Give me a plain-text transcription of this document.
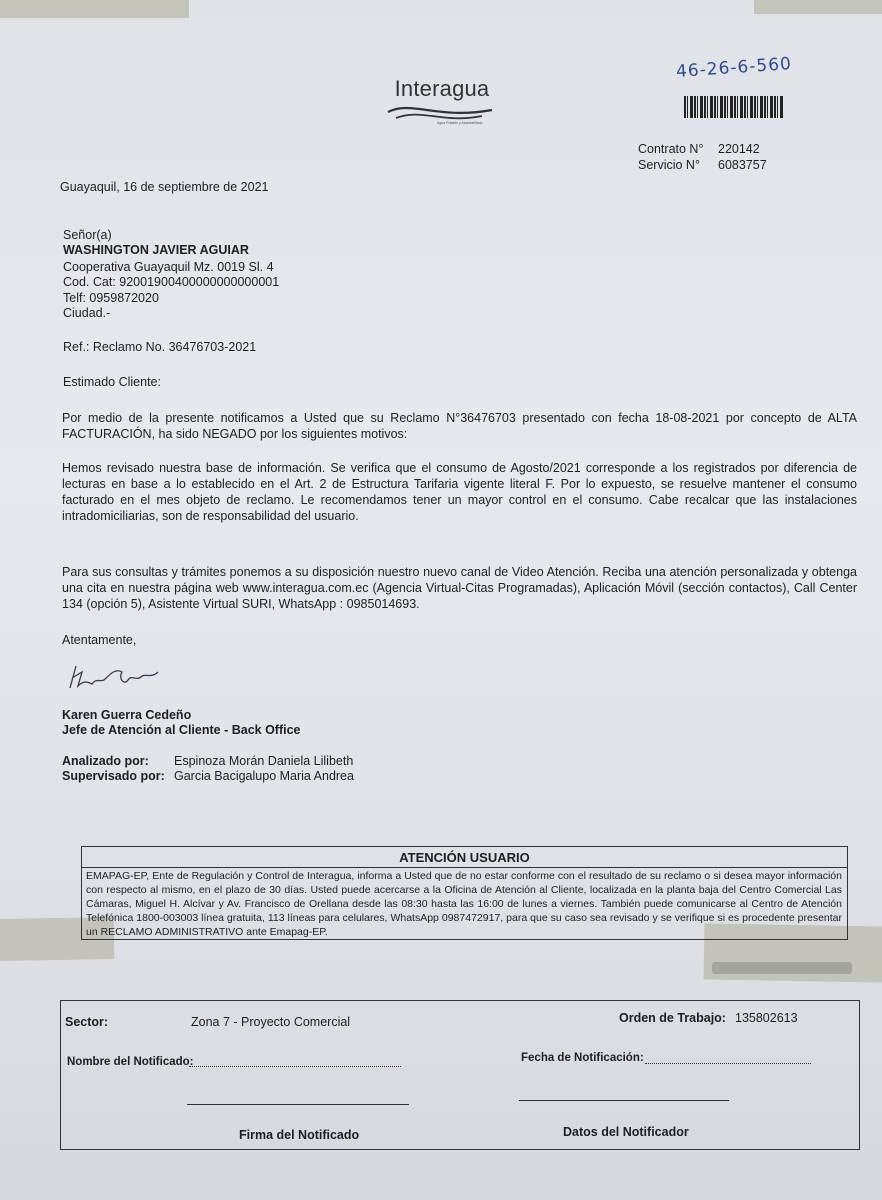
Interagua
Agua Potable y Alcantarillado
46-26-6-560
Contrato N° 220142
Servicio N° 6083757
Guayaquil, 16 de septiembre de 2021
Señor(a)
WASHINGTON JAVIER AGUIAR
Cooperativa Guayaquil Mz. 0019 Sl. 4
Cod. Cat: 92001900400000000000001
Telf: 0959872020
Ciudad.-
Ref.: Reclamo No. 36476703-2021
Estimado Cliente:
Por medio de la presente notificamos a Usted que su Reclamo N°36476703 presentado con fecha 18-08-2021 por concepto de ALTA FACTURACIÓN, ha sido NEGADO por los siguientes motivos:
Hemos revisado nuestra base de información. Se verifica que el consumo de Agosto/2021 corresponde a los registrados por diferencia de lecturas en base a lo establecido en el Art. 2 de Estructura Tarifaria vigente literal F. Por lo expuesto, se resuelve mantener el consumo facturado en el mes objeto de reclamo. Le recomendamos tener un mayor control en el consumo. Cabe recalcar que las instalaciones intradomiciliarias, son de responsabilidad del usuario.
Para sus consultas y trámites ponemos a su disposición nuestro nuevo canal de Video Atención. Reciba una atención personalizada y obtenga una cita en nuestra página web www.interagua.com.ec (Agencia Virtual-Citas Programadas), Aplicación Móvil (sección contactos), Call Center 134 (opción 5), Asistente Virtual SURI, WhatsApp : 0985014693.
Atentamente,
Karen Guerra Cedeño
Jefe de Atención al Cliente - Back Office
Analizado por: Espinoza Morán Daniela Lilibeth
Supervisado por: Garcia Bacigalupo Maria Andrea
ATENCIÓN USUARIO
EMAPAG-EP, Ente de Regulación y Control de Interagua, informa a Usted que de no estar conforme con el resultado de su reclamo o si desea mayor información con respecto al mismo, en el plazo de 30 días. Usted puede acercarse a la Oficina de Atención al Cliente, localizada en la planta baja del Centro Comercial Las Cámaras, Miguel H. Alcívar y Av. Francisco de Orellana desde las 08:30 hasta las 16:00 de lunes a viernes. También puede comunicarse al Centro de Atención Telefónica 1800-003003 línea gratuita, 113 líneas para celulares, WhatsApp 0987472917, para que su caso sea revisado y se verifique si es procedente presentar un RECLAMO ADMINISTRATIVO ante Emapag-EP.
Sector:	Zona 7 - Proyecto Comercial	Orden de Trabajo: 135802613
Nombre del Notificado:	Fecha de Notificación:
Firma del Notificado	Datos del Notificador
